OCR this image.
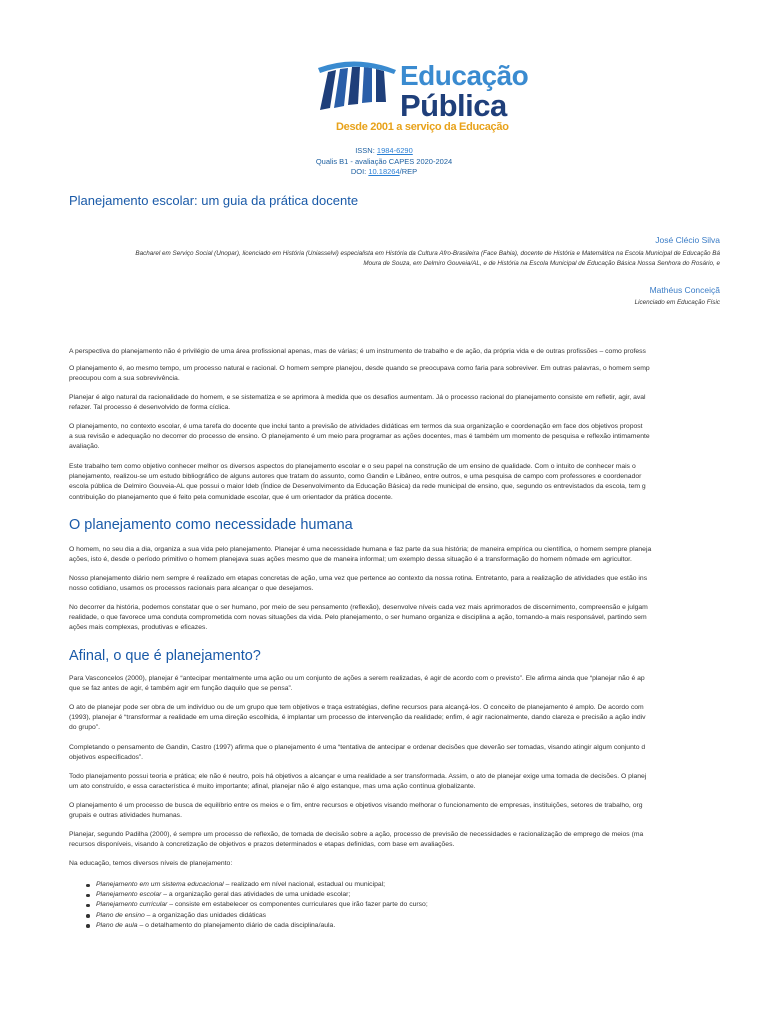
Educação
Pública
Desde 2001 a serviço da Educação
ISSN: 1984-6290
Qualis B1 - avaliação CAPES 2020-2024
DOI: 10.18264/REP
Planejamento escolar: um guia da prática docente
José Clécio Silva
Bacharel em Serviço Social (Unopar), licenciado em História (Uniasselvi) especialista em História da Cultura Afro-Brasileira (Face Bahia), docente de História e Matemática na Escola Municipal de Educação Bá
Moura de Souza, em Delmiro Gouveia/AL, e de História na Escola Municipal de Educação Básica Nossa Senhora do Rosário, e
Mathéus Conceiçã
Licenciado em Educação Físic
A perspectiva do planejamento não é privilégio de uma área profissional apenas, mas de várias; é um instrumento de trabalho e de ação, da própria vida e de outras profissões – como profess
O planejamento é, ao mesmo tempo, um processo natural e racional. O homem sempre planejou, desde quando se preocupava como faria para sobreviver. Em outras palavras, o homem semp
preocupou com a sua sobrevivência.
Planejar é algo natural da racionalidade do homem, e se sistematiza e se aprimora à medida que os desafios aumentam. Já o processo racional do planejamento consiste em refletir, agir, aval
refazer. Tal processo é desenvolvido de forma cíclica.
O planejamento, no contexto escolar, é uma tarefa do docente que inclui tanto a previsão de atividades didáticas em termos da sua organização e coordenação em face dos objetivos propost
a sua revisão e adequação no decorrer do processo de ensino. O planejamento é um meio para programar as ações docentes, mas é também um momento de pesquisa e reflexão intimamente
avaliação.
Este trabalho tem como objetivo conhecer melhor os diversos aspectos do planejamento escolar e o seu papel na construção de um ensino de qualidade. Com o intuito de conhecer mais o
planejamento, realizou-se um estudo bibliográfico de alguns autores que tratam do assunto, como Gandin e Libâneo, entre outros, e uma pesquisa de campo com professores e coordenador
escola pública de Delmiro Gouveia-AL que possui o maior Ideb (Índice de Desenvolvimento da Educação Básica) da rede municipal de ensino, que, segundo os entrevistados da escola, tem g
contribuição do planejamento que é feito pela comunidade escolar, que é um orientador da prática docente.
O planejamento como necessidade humana
O homem, no seu dia a dia, organiza a sua vida pelo planejamento. Planejar é uma necessidade humana e faz parte da sua história; de maneira empírica ou científica, o homem sempre planeja
ações, isto é, desde o período primitivo o homem planejava suas ações mesmo que de maneira informal; um exemplo dessa situação é a transformação do homem nômade em agricultor.
Nosso planejamento diário nem sempre é realizado em etapas concretas de ação, uma vez que pertence ao contexto da nossa rotina. Entretanto, para a realização de atividades que estão ins
nosso cotidiano, usamos os processos racionais para alcançar o que desejamos.
No decorrer da história, podemos constatar que o ser humano, por meio de seu pensamento (reflexão), desenvolve níveis cada vez mais aprimorados de discernimento, compreensão e julgam
realidade, o que favorece uma conduta comprometida com novas situações da vida. Pelo planejamento, o ser humano organiza e disciplina a ação, tornando-a mais responsável, partindo sem
ações mais complexas, produtivas e eficazes.
Afinal, o que é planejamento?
Para Vasconcelos (2000), planejar é “antecipar mentalmente uma ação ou um conjunto de ações a serem realizadas, é agir de acordo com o previsto”. Ele afirma ainda que “planejar não é ap
que se faz antes de agir, é também agir em função daquilo que se pensa”.
O ato de planejar pode ser obra de um indivíduo ou de um grupo que tem objetivos e traça estratégias, define recursos para alcançá-los. O conceito de planejamento é amplo. De acordo com
(1993), planejar é “transformar a realidade em uma direção escolhida, é implantar um processo de intervenção da realidade; enfim, é agir racionalmente, dando clareza e precisão a ação indiv
do grupo”.
Completando o pensamento de Gandin, Castro (1997) afirma que o planejamento é uma “tentativa de antecipar e ordenar decisões que deverão ser tomadas, visando atingir algum conjunto d
objetivos especificados”.
Todo planejamento possui teoria e prática; ele não é neutro, pois há objetivos a alcançar e uma realidade a ser transformada. Assim, o ato de planejar exige uma tomada de decisões. O planej
um ato construído, e essa característica é muito importante; afinal, planejar não é algo estanque, mas uma ação contínua globalizante.
O planejamento é um processo de busca de equilíbrio entre os meios e o fim, entre recursos e objetivos visando melhorar o funcionamento de empresas, instituições, setores de trabalho, org
grupais e outras atividades humanas.
Planejar, segundo Padilha (2000), é sempre um processo de reflexão, de tomada de decisão sobre a ação, processo de previsão de necessidades e racionalização de emprego de meios (ma
recursos disponíveis, visando à concretização de objetivos e prazos determinados e etapas definidas, com base em avaliações.
Na educação, temos diversos níveis de planejamento:
Planejamento em um sistema educacional – realizado em nível nacional, estadual ou municipal;
Planejamento escolar – a organização geral das atividades de uma unidade escolar;
Planejamento curricular – consiste em estabelecer os componentes curriculares que irão fazer parte do curso;
Plano de ensino – a organização das unidades didáticas
Plano de aula – o detalhamento do planejamento diário de cada disciplina/aula.
